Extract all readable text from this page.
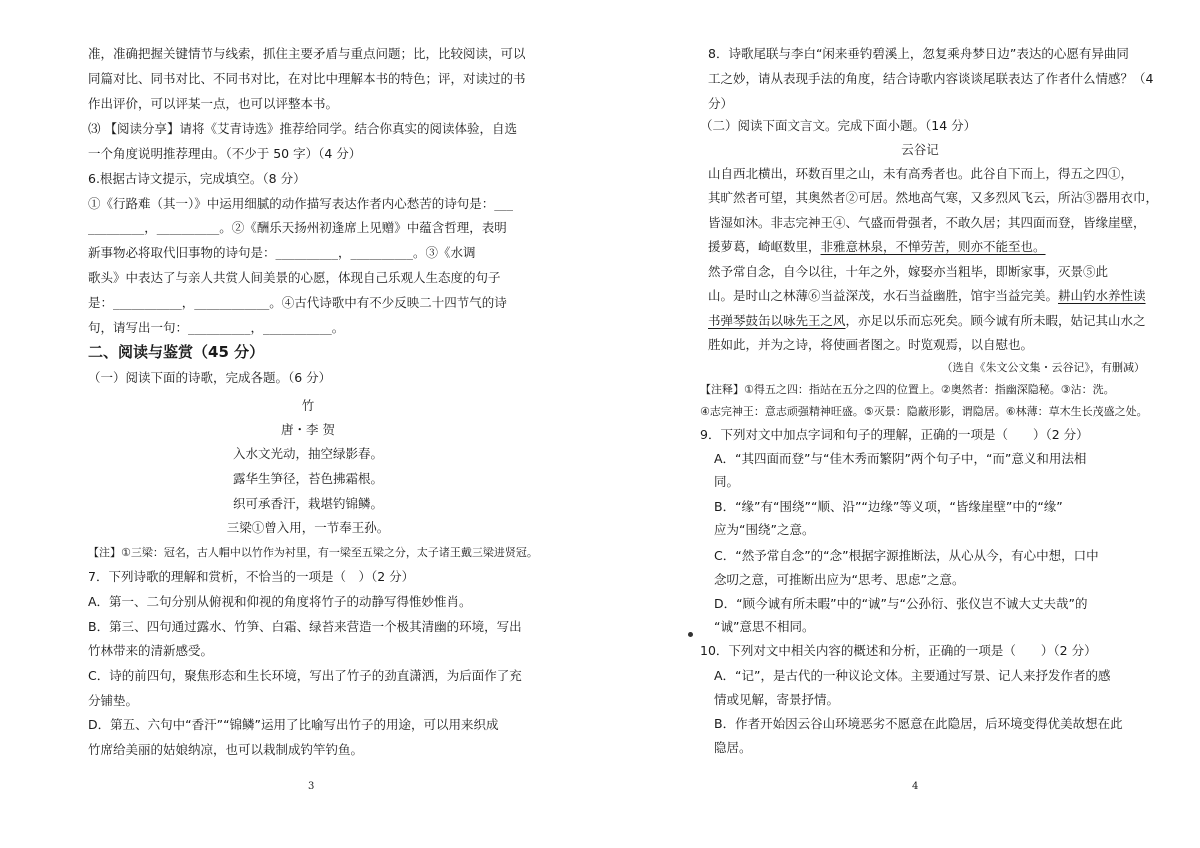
准，准确把握关键情节与线索，抓住主要矛盾与重点问题；比，比较阅读，可以
同篇对比、同书对比、不同书对比，在对比中理解本书的特色；评，对读过的书
作出评价，可以评某一点，也可以评整本书。
⑶ 【阅读分享】请将《艾青诗选》推荐给同学。结合你真实的阅读体验，自选
一个角度说明推荐理由。（不少于 50 字）（4 分）
6.根据古诗文提示，完成填空。（8 分）
①《行路难（其一）》中运用细腻的动作描写表达作者内心愁苦的诗句是：___
_________，__________。②《酬乐天扬州初逢席上见赠》中蕴含哲理，表明
新事物必将取代旧事物的诗句是：__________，__________。③《水调
歌头》中表达了与亲人共赏人间美景的心愿，体现自己乐观人生态度的句子
是：___________，____________。④古代诗歌中有不少反映二十四节气的诗
句，请写出一句：__________，___________。
二、阅读与鉴赏（45 分）
（一）阅读下面的诗歌，完成各题。（6 分）
竹
唐・李 贺
入水文光动，抽空绿影春。
露华生笋径，苔色拂霜根。
织可承香汗，栽堪钓锦鳞。
三梁①曾入用，一节奉王孙。
【注】①三梁：冠名，古人帽中以竹作为衬里，有一梁至五梁之分，太子诸王戴三梁进贤冠。
7．下列诗歌的理解和赏析，不恰当的一项是（　）（2 分）
A．第一、二句分别从俯视和仰视的角度将竹子的动静写得惟妙惟肖。
B．第三、四句通过露水、竹笋、白霜、绿苔来营造一个极其清幽的环境，写出
竹林带来的清新感受。
C．诗的前四句，聚焦形态和生长环境，写出了竹子的劲直潇洒，为后面作了充
分铺垫。
D．第五、六句中“香汗”“锦鳞”运用了比喻写出竹子的用途，可以用来织成
竹席给美丽的姑娘纳凉，也可以栽制成钓竿钓鱼。
3
8．诗歌尾联与李白“闲来垂钓碧溪上，忽复乘舟梦日边”表达的心愿有异曲同
工之妙，请从表现手法的角度，结合诗歌内容谈谈尾联表达了作者什么情感？（4
分）
（二）阅读下面文言文。完成下面小题。（14 分）
云谷记
山自西北横出，环数百里之山，未有高秀者也。此谷自下而上，得五之四①，
其旷然者可望，其奥然者②可居。然地高气寒，又多烈风飞云，所沾③器用衣巾，
皆湿如沐。非志完神王④、气盛而骨强者，不敢久居；其四面而登，皆缘崖壁，
援萝葛，崎岖数里，非雅意林泉，不惮劳苦，则亦不能至也。
然予常自念，自今以往，十年之外，嫁娶亦当粗毕，即断家事，灭景⑤此
山。是时山之林薄⑥当益深茂，水石当益幽胜，馆宇当益完美。耕山钓水养性读
书弹琴鼓缶以咏先王之风，亦足以乐而忘死矣。顾今诚有所未暇，姑记其山水之
胜如此，并为之诗，将使画者图之。时览观焉，以自慰也。
（选自《朱文公文集・云谷记》，有删减）
【注释】①得五之四：指站在五分之四的位置上。②奥然者：指幽深隐秘。③沾：洗。
④志完神王：意志顽强精神旺盛。⑤灭景：隐蔽形影，谓隐居。⑥林薄：草木生长茂盛之处。
9．下列对文中加点字词和句子的理解，正确的一项是（　　）（2 分）
A．“其四面而登”与“佳木秀而繁阴”两个句子中，“而”意义和用法相
同。
B．“缘”有“围绕”“顺、沿”“边缘”等义项，“皆缘崖壁”中的“缘”
应为“围绕”之意。
C．“然予常自念”的“念”根据字源推断法，从心从今，有心中想，口中
念叨之意，可推断出应为“思考、思虑”之意。
D．“顾今诚有所未暇”中的“诚”与“公孙衍、张仪岂不诚大丈夫哉”的
“诚”意思不相同。
10．下列对文中相关内容的概述和分析，正确的一项是（　　）（2 分）
A．“记”，是古代的一种议论文体。主要通过写景、记人来抒发作者的感
情或见解，寄景抒情。
B．作者开始因云谷山环境恶劣不愿意在此隐居，后环境变得优美故想在此
隐居。
4
